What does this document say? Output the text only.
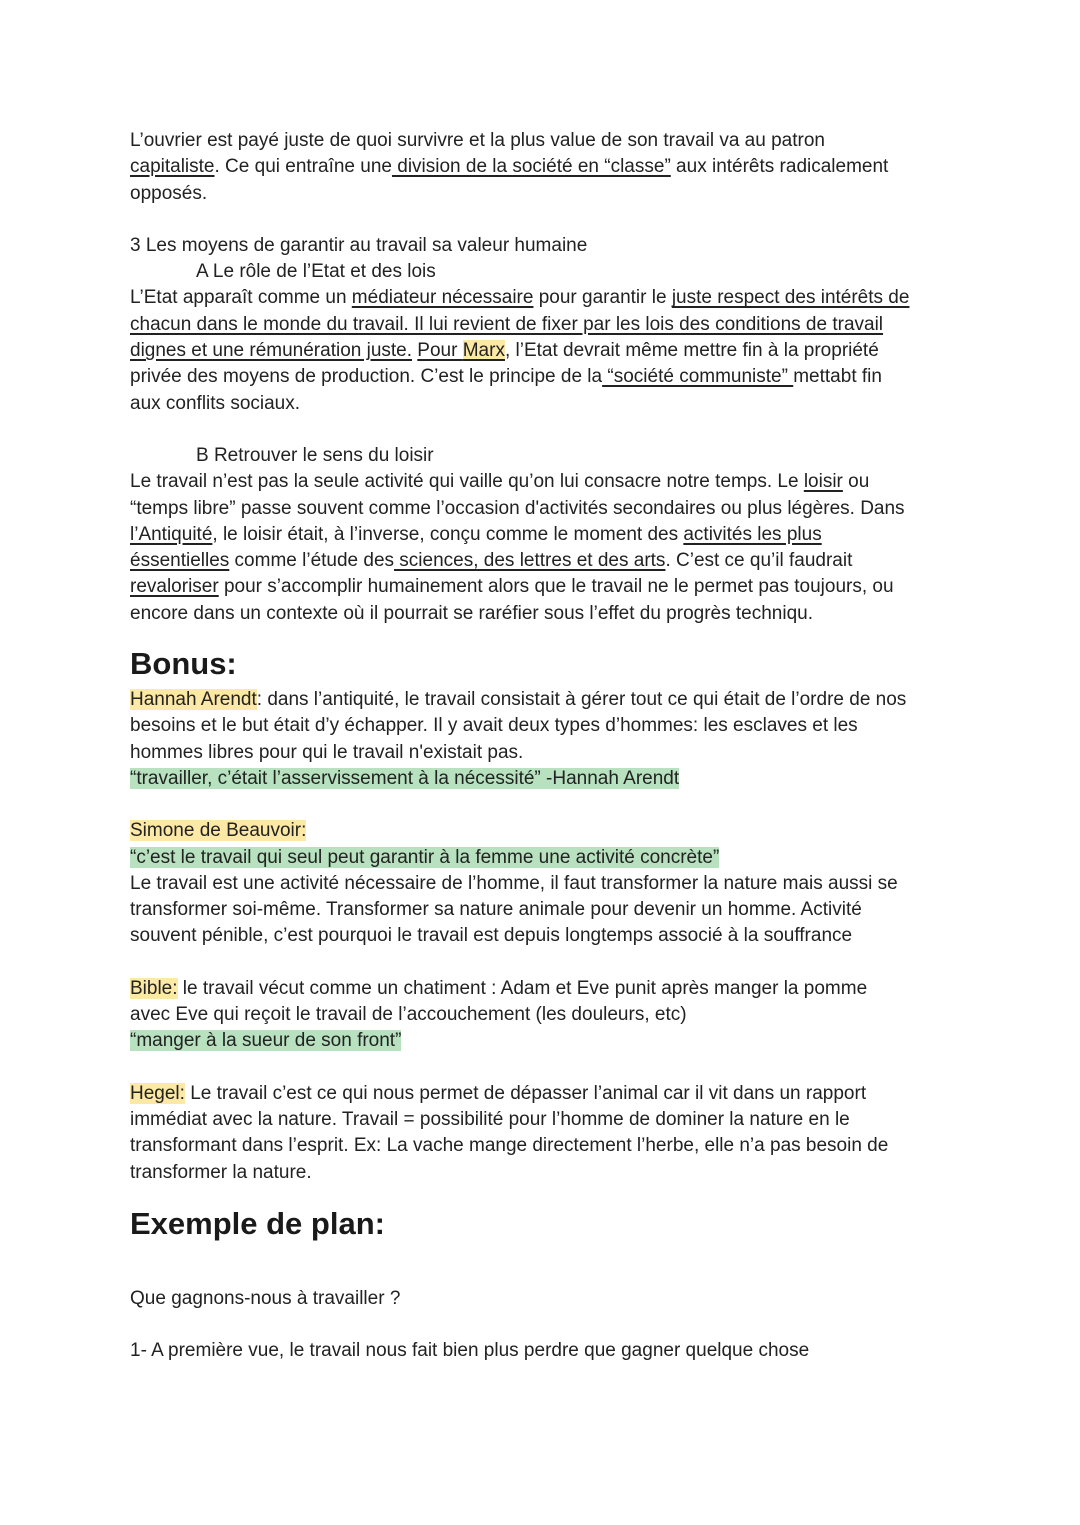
L’ouvrier est payé juste de quoi survivre et la plus value de son travail va au patron

capitaliste. Ce qui entraîne une division de la société en “classe” aux intérêts radicalement

opposés.

3 Les moyens de garantir au travail sa valeur humaine

A Le rôle de l’Etat et des lois

L’Etat apparaît comme un médiateur nécessaire pour garantir le juste respect des intérêts de

chacun dans le monde du travail. Il lui revient de fixer par les lois des conditions de travail

dignes et une rémunération juste. Pour Marx, l’Etat devrait même mettre fin à la propriété

privée des moyens de production. C’est le principe de la “société communiste” mettabt fin

aux conflits sociaux.

B Retrouver le sens du loisir

Le travail n’est pas la seule activité qui vaille qu’on lui consacre notre temps. Le loisir ou

“temps libre” passe souvent comme l’occasion d'activités secondaires ou plus légères. Dans

l’Antiquité, le loisir était, à l’inverse, conçu comme le moment des activités les plus

éssentielles comme l’étude des sciences, des lettres et des arts. C’est ce qu’il faudrait

revaloriser pour s’accomplir humainement alors que le travail ne le permet pas toujours, ou

encore dans un contexte où il pourrait se raréfier sous l’effet du progrès techniqu.

Bonus:

Hannah Arendt: dans l’antiquité, le travail consistait à gérer tout ce qui était de l’ordre de nos

besoins et le but était d’y échapper. Il y avait deux types d’hommes: les esclaves et les

hommes libres pour qui le travail n'existait pas.

“travailler, c’était l’asservissement à la nécessité” -Hannah Arendt

Simone de Beauvoir:

“c’est le travail qui seul peut garantir à la femme une activité concrète”

Le travail est une activité nécessaire de l’homme, il faut transformer la nature mais aussi se

transformer soi-même. Transformer sa nature animale pour devenir un homme. Activité

souvent pénible, c’est pourquoi le travail est depuis longtemps associé à la souffrance

Bible: le travail vécut comme un chatiment : Adam et Eve punit après manger la pomme

avec Eve qui reçoit le travail de l’accouchement (les douleurs, etc)

“manger à la sueur de son front”

Hegel: Le travail c’est ce qui nous permet de dépasser l’animal car il vit dans un rapport

immédiat avec la nature. Travail = possibilité pour l’homme de dominer la nature en le

transformant dans l’esprit. Ex: La vache mange directement l’herbe, elle n’a pas besoin de

transformer la nature.

Exemple de plan:

Que gagnons-nous à travailler ?

1- A première vue, le travail nous fait bien plus perdre que gagner quelque chose
